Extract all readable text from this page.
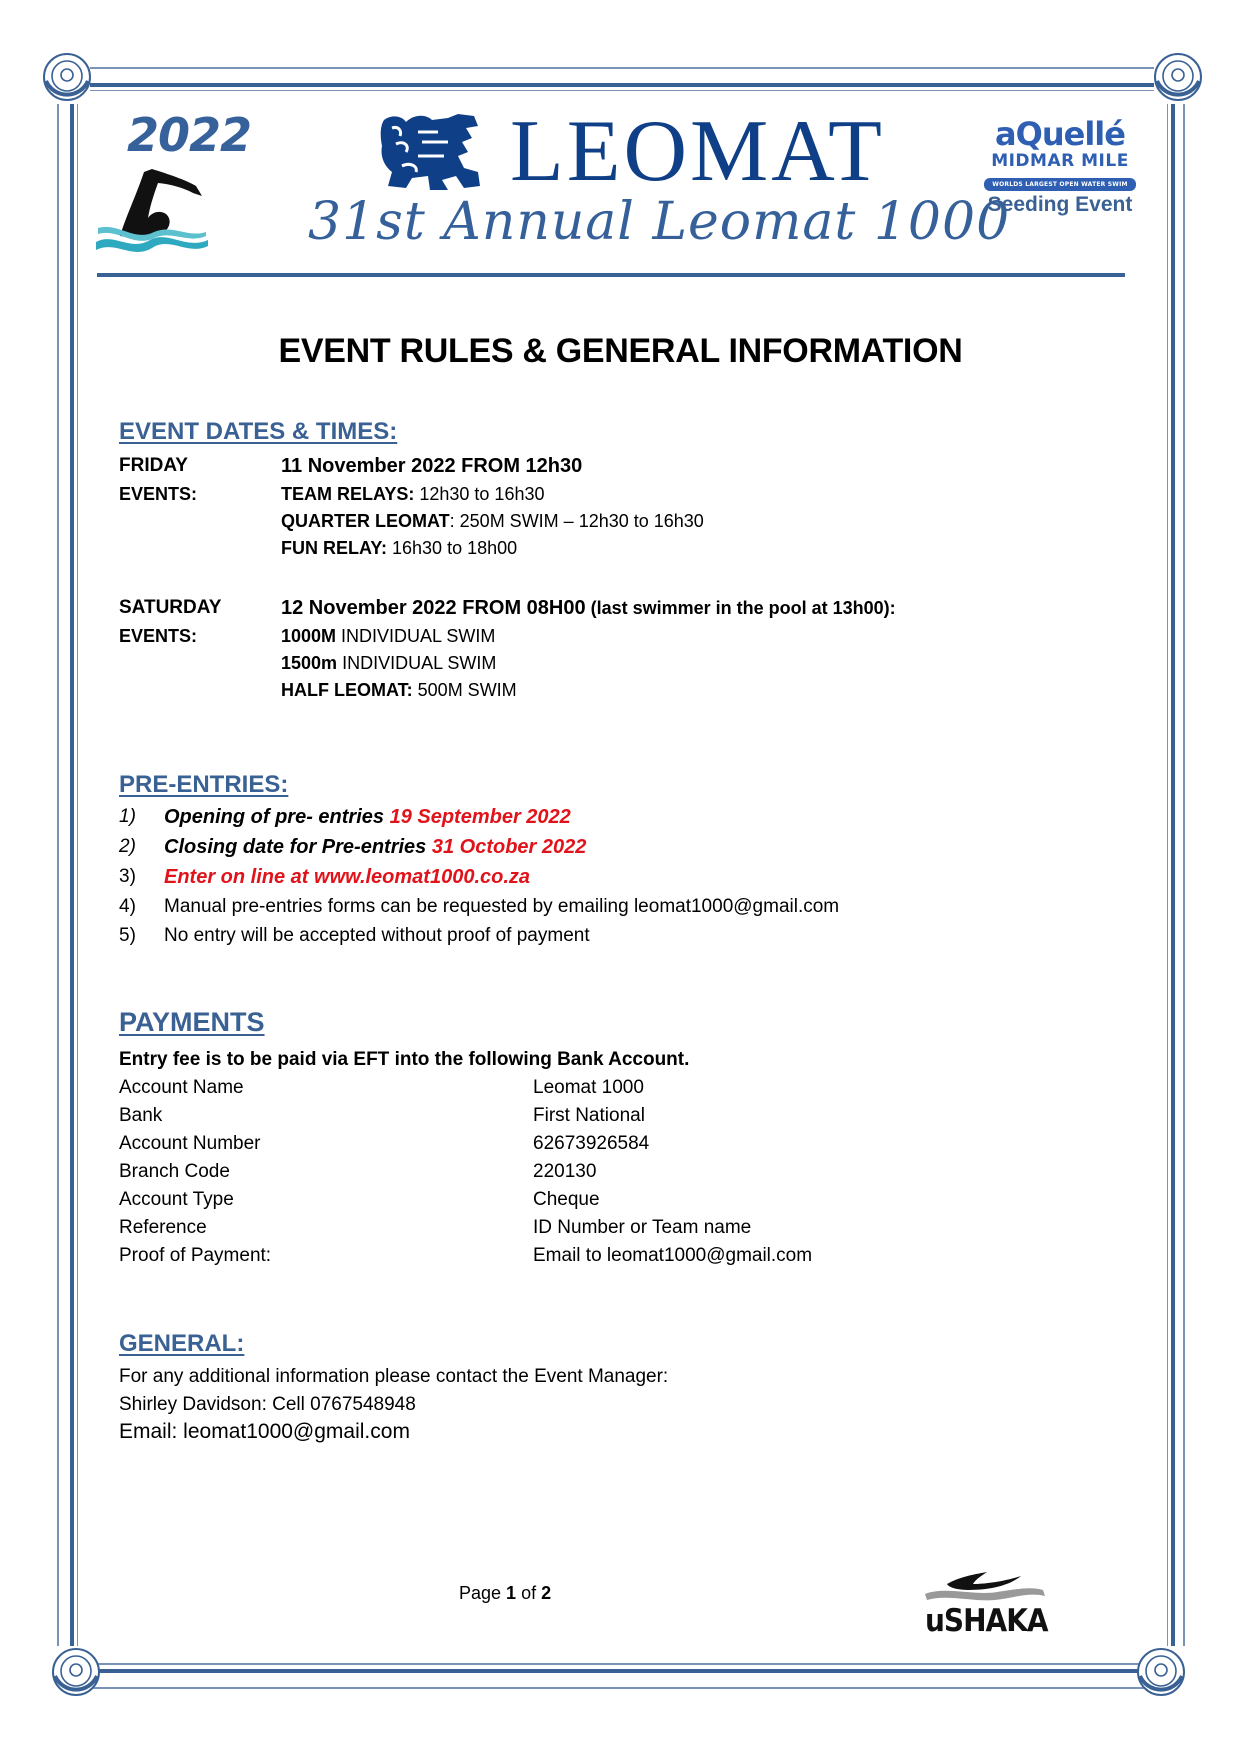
2022	LEOMAT
31st Annual Leomat 1000
aQuellé
MIDMAR MILE
WORLDS LARGEST OPEN WATER SWIM
Seeding Event
EVENT RULES & GENERAL INFORMATION
EVENT DATES & TIMES:
FRIDAY	11 November 2022 FROM 12h30
EVENTS:	TEAM RELAYS: 12h30 to 16h30
QUARTER LEOMAT: 250M SWIM – 12h30 to 16h30
FUN RELAY: 16h30 to 18h00
SATURDAY	12 November 2022 FROM 08H00 (last swimmer in the pool at 13h00):
EVENTS:	1000M INDIVIDUAL SWIM
1500m INDIVIDUAL SWIM
HALF LEOMAT: 500M SWIM
PRE-ENTRIES:
1) Opening of pre- entries 19 September 2022
2) Closing date for Pre-entries 31 October 2022
3) Enter on line at www.leomat1000.co.za
4) Manual pre-entries forms can be requested by emailing leomat1000@gmail.com
5) No entry will be accepted without proof of payment
PAYMENTS
Entry fee is to be paid via EFT into the following Bank Account.
Account Name	Leomat 1000
Bank	First National
Account Number	62673926584
Branch Code	220130
Account Type	Cheque
Reference	ID Number or Team name
Proof of Payment:	Email to leomat1000@gmail.com
GENERAL:
For any additional information please contact the Event Manager:
Shirley Davidson: Cell 0767548948
Email: leomat1000@gmail.com
Page 1 of 2
uSHAKA
